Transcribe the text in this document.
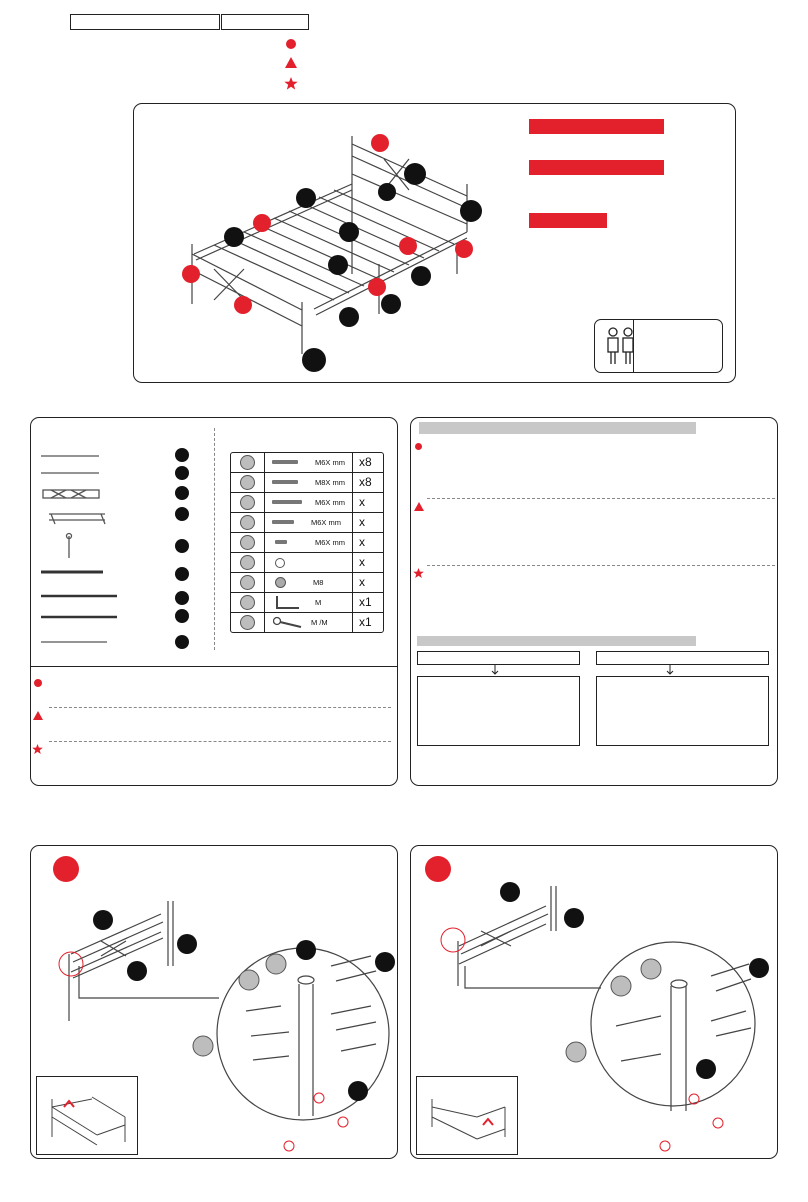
M6X mm	x8
M8X mm	x8
M6X mm	x
M6X mm	x
M6X mm	x
x
M8	x
M	x1
M /M	x1
